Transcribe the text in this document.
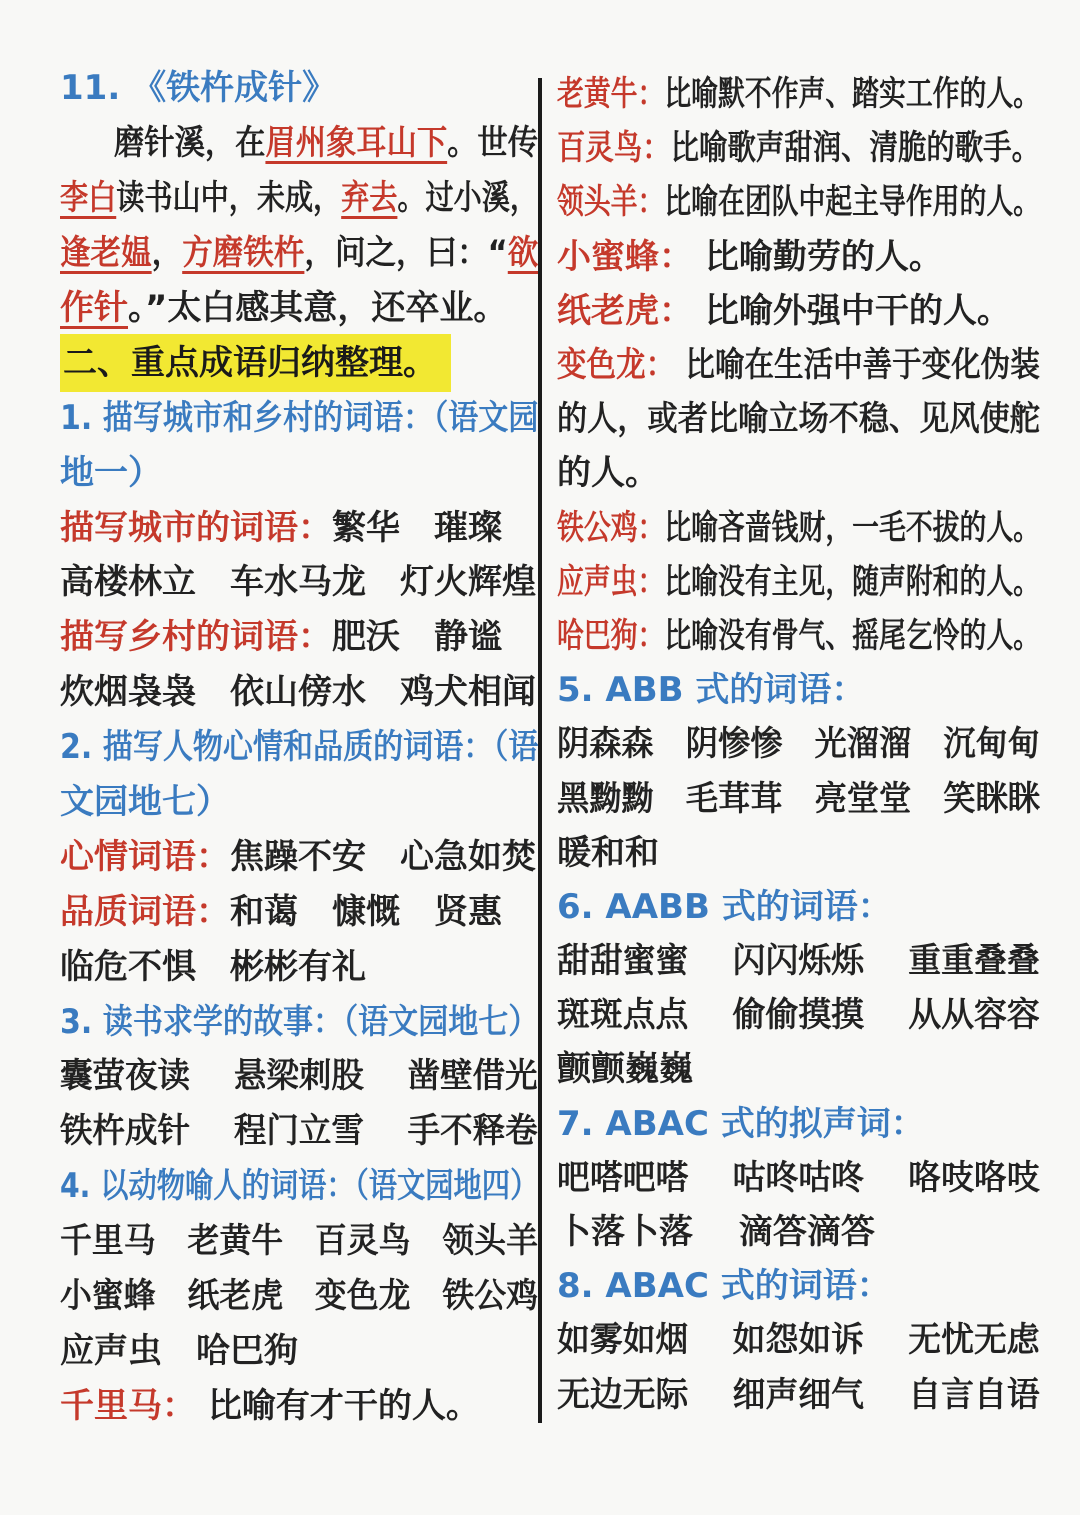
11. 《铁杵成针》
磨针溪，在眉州象耳山下。世传
李白读书山中，未成，弃去。过小溪，
逢老媪，方磨铁杵，问之，曰：“欲
作针。”太白感其意，还卒业。
二、重点成语归纳整理。
1. 描写城市和乡村的词语：（语文园
地一）
描写城市的词语：繁华　璀璨
高楼林立　车水马龙　灯火辉煌
描写乡村的词语：肥沃　静谧
炊烟袅袅　依山傍水　鸡犬相闻
2. 描写人物心情和品质的词语：（语
文园地七）
心情词语：焦躁不安　心急如焚
品质词语：和蔼　慷慨　贤惠
临危不惧　彬彬有礼
3. 读书求学的故事：（语文园地七）
囊萤夜读　 悬梁刺股　 凿壁借光
铁杵成针　 程门立雪　 手不释卷
4. 以动物喻人的词语：（语文园地四）
千里马　老黄牛　百灵鸟　领头羊
小蜜蜂　纸老虎　变色龙　铁公鸡
应声虫　哈巴狗
千里马： 比喻有才干的人。
老黄牛：比喻默不作声、踏实工作的人。
百灵鸟：比喻歌声甜润、清脆的歌手。
领头羊：比喻在团队中起主导作用的人。
小蜜蜂： 比喻勤劳的人。
纸老虎： 比喻外强中干的人。
变色龙： 比喻在生活中善于变化伪装
的人，或者比喻立场不稳、见风使舵
的人。
铁公鸡：比喻吝啬钱财，一毛不拔的人。
应声虫：比喻没有主见，随声附和的人。
哈巴狗：比喻没有骨气、摇尾乞怜的人。
5. ABB 式的词语：
阴森森　阴惨惨　光溜溜　沉甸甸
黑黝黝　毛茸茸　亮堂堂　笑眯眯
暖和和
6. AABB 式的词语：
甜甜蜜蜜　 闪闪烁烁　 重重叠叠
斑斑点点　 偷偷摸摸　 从从容容
颤颤巍巍
7. ABAC 式的拟声词：
吧嗒吧嗒　 咕咚咕咚　 咯吱咯吱
卜落卜落　 滴答滴答
8. ABAC 式的词语：
如雾如烟　 如怨如诉　 无忧无虑
无边无际　 细声细气　 自言自语
